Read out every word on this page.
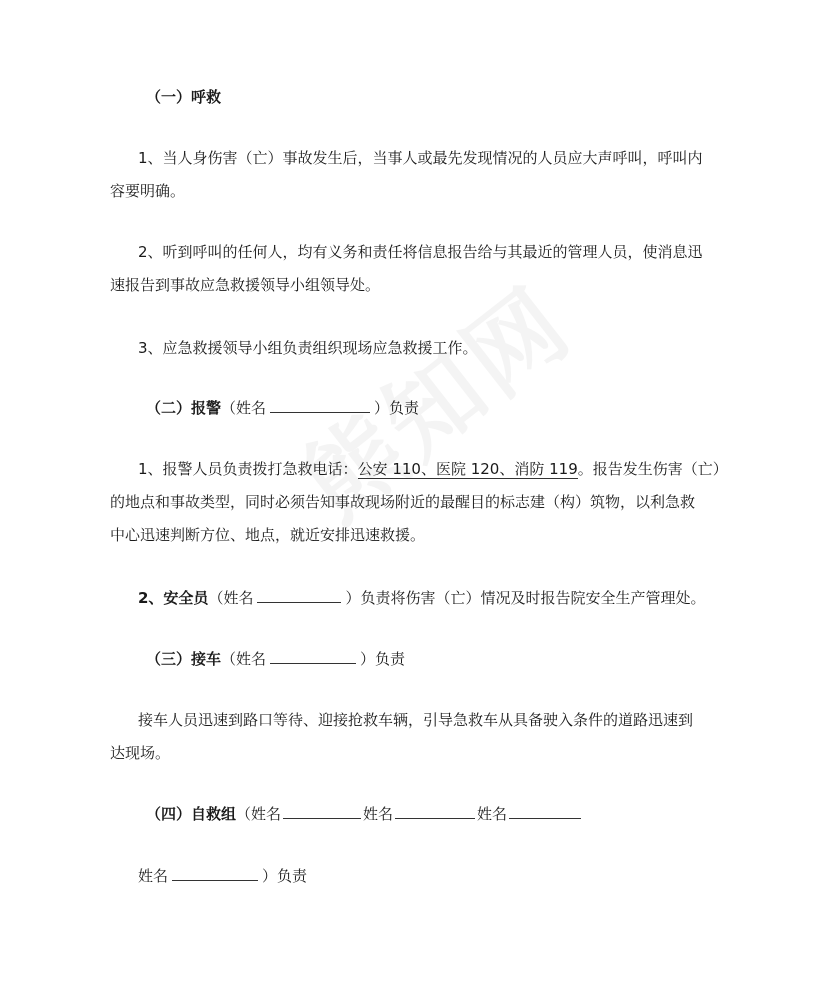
（一）呼救
1、当人身伤害（亡）事故发生后，当事人或最先发现情况的人员应大声呼叫，呼叫内
容要明确。
2、听到呼叫的任何人，均有义务和责任将信息报告给与其最近的管理人员，使消息迅
速报告到事故应急救援领导小组领导处。
3、应急救援领导小组负责组织现场应急救援工作。
（二）报警（姓名	）负责
1、报警人员负责拨打急救电话：公安 110、医院 120、消防 119。报告发生伤害（亡）
的地点和事故类型，同时必须告知事故现场附近的最醒目的标志建（构）筑物，以利急救
中心迅速判断方位、地点，就近安排迅速救援。
2、安全员（姓名	）负责将伤害（亡）情况及时报告院安全生产管理处。
（三）接车（姓名	）负责
接车人员迅速到路口等待、迎接抢救车辆，引导急救车从具备驶入条件的道路迅速到
达现场。
（四）自救组（姓名	姓名	姓名
姓名	）负责
